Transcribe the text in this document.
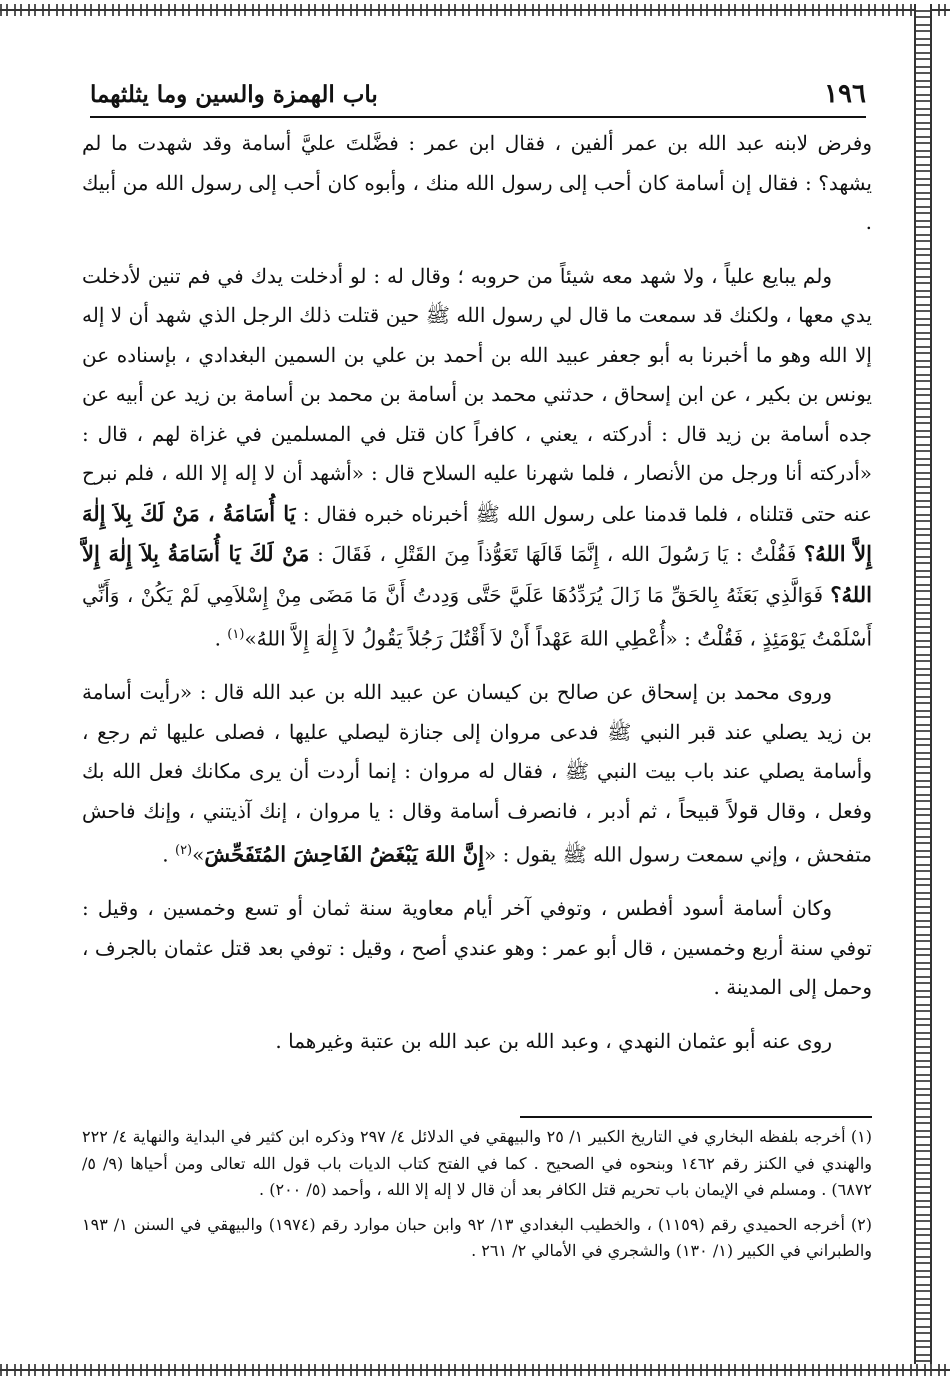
١٩٦
باب الهمزة والسين وما يثلثهما

وفرض لابنه عبد الله بن عمر ألفين ، فقال ابن عمر : فضَّلتَ عليَّ أسامة وقد شهدت ما لم يشهد؟ : فقال إن أسامة كان أحب إلى رسول الله منك ، وأبوه كان أحب إلى رسول الله من أبيك .

ولم يبايع علياً ، ولا شهد معه شيئاً من حروبه ؛ وقال له : لو أدخلت يدك في فم تنين لأدخلت يدي معها ، ولكنك قد سمعت ما قال لي رسول الله ﷺ حين قتلت ذلك الرجل الذي شهد أن لا إله إلا الله وهو ما أخبرنا به أبو جعفر عبيد الله بن أحمد بن علي بن السمين البغدادي ، بإسناده عن يونس بن بكير ، عن ابن إسحاق ، حدثني محمد بن أسامة بن محمد بن أسامة بن زيد عن أبيه عن جده أسامة بن زيد قال : أدركته ، يعني ، كافراً كان قتل في المسلمين في غزاة لهم ، قال : «أدركته أنا ورجل من الأنصار ، فلما شهرنا عليه السلاح قال : «أشهد أن لا إله إلا الله ، فلم نبرح عنه حتى قتلناه ، فلما قدمنا على رسول الله ﷺ أخبرناه خبره فقال : يَا أُسَامَةُ ، مَنْ لَكَ بِلاَ إِلٰهَ إِلاَّ اللهُ؟ فَقُلْتُ : يَا رَسُولَ الله ، إِنَّمَا قَالَهَا تَعَوُّذاً مِنَ القَتْلِ ، فَقَالَ : مَنْ لَكَ يَا أُسَامَةُ بِلاَ إِلٰهَ إِلاَّ اللهُ؟ فَوَالَّذِي بَعَثَهُ بِالحَقِّ مَا زَالَ يُرَدِّدُهَا عَلَيَّ حَتَّى وَدِدتُ أَنَّ مَا مَضَى مِنْ إِسْلاَمِي لَمْ يَكُنْ ، وَأَنِّي أَسْلَمْتُ يَوْمَئِذٍ ، فَقُلْتُ : «أُعْطِي اللهَ عَهْداً أَنْ لاَ أَقْتُلَ رَجُلاً يَقُولُ لاَ إِلٰهَ إِلاَّ اللهُ»$^{(١)}$ .

وروى محمد بن إسحاق عن صالح بن كيسان عن عبيد الله بن عبد الله قال : «رأيت أسامة بن زيد يصلي عند قبر النبي ﷺ فدعى مروان إلى جنازة ليصلي عليها ، فصلى عليها ثم رجع ، وأسامة يصلي عند باب بيت النبي ﷺ ، فقال له مروان : إنما أردت أن يرى مكانك فعل الله بك وفعل ، وقال قولاً قبيحاً ، ثم أدبر ، فانصرف أسامة وقال : يا مروان ، إنك آذيتني ، وإنك فاحش متفحش ، وإني سمعت رسول الله ﷺ يقول : «إِنَّ اللهَ يَبْغَضُ الفَاحِشَ المُتَفَحِّشَ»$^{(٢)}$ .

وكان أسامة أسود أفطس ، وتوفي آخر أيام معاوية سنة ثمان أو تسع وخمسين ، وقيل : توفي سنة أربع وخمسين ، قال أبو عمر : وهو عندي أصح ، وقيل : توفي بعد قتل عثمان بالجرف ، وحمل إلى المدينة .

روى عنه أبو عثمان النهدي ، وعبد الله بن عبد الله بن عتبة وغيرهما .

(١) أخرجه بلفظه البخاري في التاريخ الكبير ١/ ٢٥ والبيهقي في الدلائل ٤/ ٢٩٧ وذكره ابن كثير في البداية والنهاية ٤/ ٢٢٢ والهندي في الكنز رقم ١٤٦٢ وبنحوه في الصحيح . كما في الفتح كتاب الديات باب قول الله تعالى ومن أحياها (٩/ ٥/ ٦٨٧٢) . ومسلم في الإيمان باب تحريم قتل الكافر بعد أن قال لا إله إلا الله ، وأحمد (٥/ ٢٠٠) .

(٢) أخرجه الحميدي رقم (١١٥٩) ، والخطيب البغدادي ١٣/ ٩٢ وابن حبان موارد رقم (١٩٧٤) والبيهقي في السنن ١/ ١٩٣ والطبراني في الكبير (١/ ١٣٠) والشجري في الأمالي ٢/ ٢٦١ .
